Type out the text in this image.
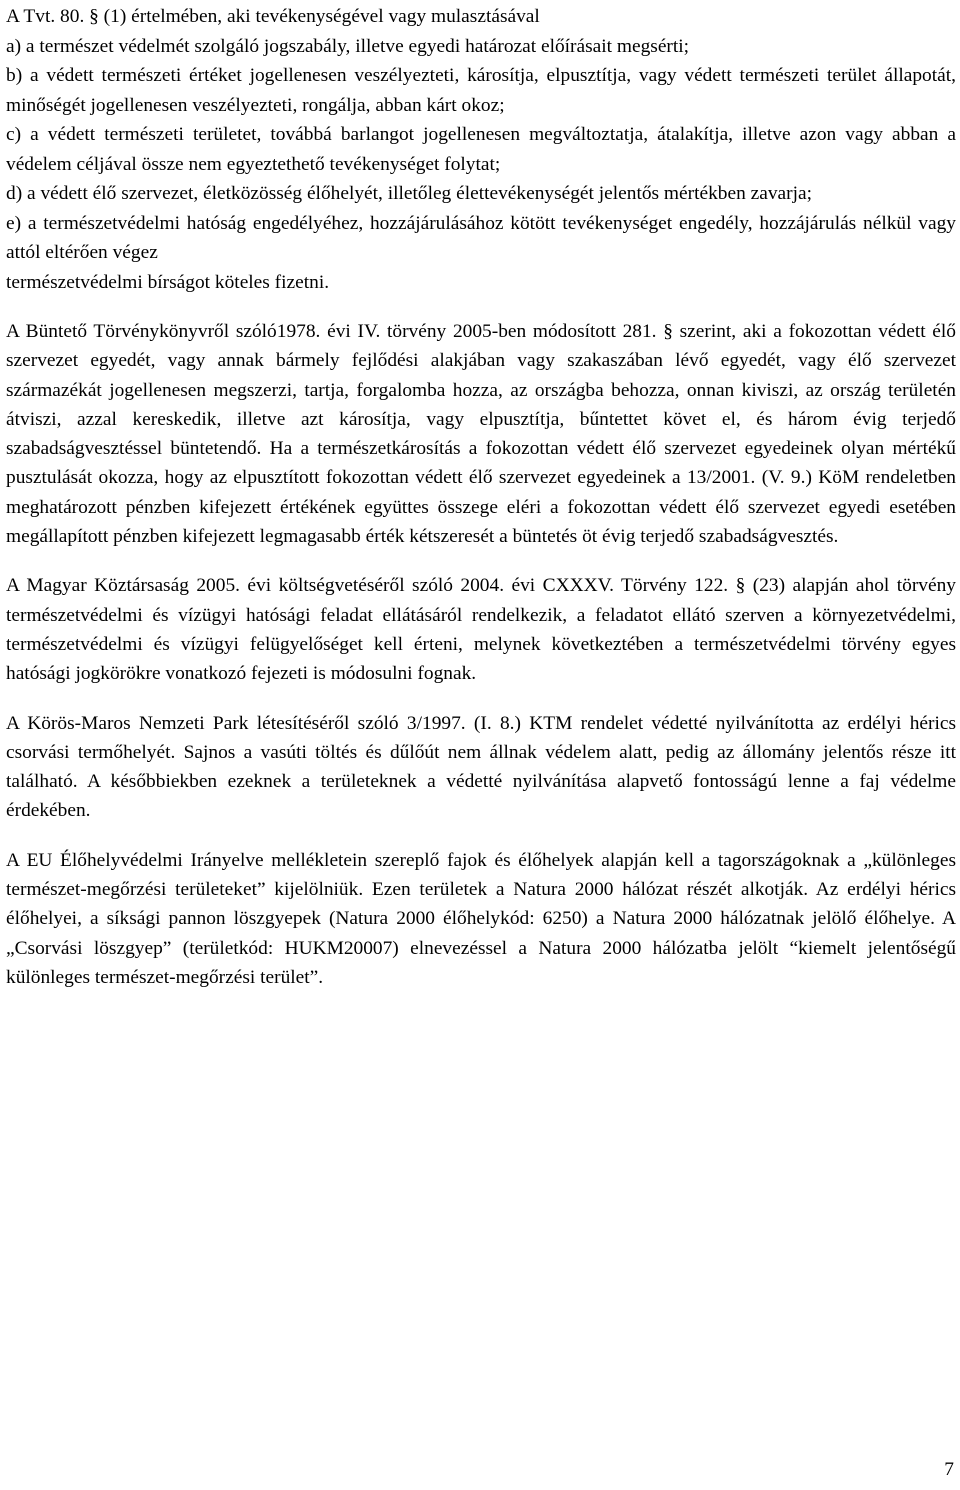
A Tvt. 80. § (1) értelmében, aki tevékenységével vagy mulasztásával

a) a természet védelmét szolgáló jogszabály, illetve egyedi határozat előírásait megsérti;

b) a védett természeti értéket jogellenesen veszélyezteti, károsítja, elpusztítja, vagy védett természeti terület állapotát, minőségét jogellenesen veszélyezteti, rongálja, abban kárt okoz;

c) a védett természeti területet, továbbá barlangot jogellenesen megváltoztatja, átalakítja, illetve azon vagy abban a védelem céljával össze nem egyeztethető tevékenységet folytat;

d) a védett élő szervezet, életközösség élőhelyét, illetőleg élettevékenységét jelentős mértékben zavarja;

e) a természetvédelmi hatóság engedélyéhez, hozzájárulásához kötött tevékenységet engedély, hozzájárulás nélkül vagy attól eltérően végez

természetvédelmi bírságot köteles fizetni.

A Büntető Törvénykönyvről szóló1978. évi IV. törvény 2005-ben módosított 281. § szerint, aki a fokozottan védett élő szervezet egyedét, vagy annak bármely fejlődési alakjában vagy szakaszában lévő egyedét, vagy élő szervezet származékát jogellenesen megszerzi, tartja, forgalomba hozza, az országba behozza, onnan kiviszi, az ország területén átviszi, azzal kereskedik, illetve azt károsítja, vagy elpusztítja, bűntettet követ el, és három évig terjedő szabadságvesztéssel büntetendő. Ha a természetkárosítás a fokozottan védett élő szervezet egyedeinek olyan mértékű pusztulását okozza, hogy az elpusztított fokozottan védett élő szervezet egyedeinek a 13/2001. (V. 9.) KöM rendeletben meghatározott pénzben kifejezett értékének együttes összege eléri a fokozottan védett élő szervezet egyedi esetében megállapított pénzben kifejezett legmagasabb érték kétszeresét a büntetés öt évig terjedő szabadságvesztés.

A Magyar Köztársaság 2005. évi költségvetéséről szóló 2004. évi CXXXV. Törvény 122. § (23) alapján ahol törvény természetvédelmi és vízügyi hatósági feladat ellátásáról rendelkezik, a feladatot ellátó szerven a környezetvédelmi, természetvédelmi és vízügyi felügyelőséget kell érteni, melynek következtében a természetvédelmi törvény egyes hatósági jogkörökre vonatkozó fejezeti is módosulni fognak.

A Körös-Maros Nemzeti Park létesítéséről szóló 3/1997. (I. 8.) KTM rendelet védetté nyilvánította az erdélyi hérics csorvási termőhelyét. Sajnos a vasúti töltés és dűlőút nem állnak védelem alatt, pedig az állomány jelentős része itt található. A későbbiekben ezeknek a területeknek a védetté nyilvánítása alapvető fontosságú lenne a faj védelme érdekében.

A EU Élőhelyvédelmi Irányelve mellékletein szereplő fajok és élőhelyek alapján kell a tagországoknak a „különleges természet-megőrzési területeket” kijelölniük. Ezen területek a Natura 2000 hálózat részét alkotják. Az erdélyi hérics élőhelyei, a síksági pannon löszgyepek (Natura 2000 élőhelykód: 6250) a Natura 2000 hálózatnak jelölő élőhelye. A „Csorvási löszgyep” (területkód: HUKM20007) elnevezéssel a Natura 2000 hálózatba jelölt “kiemelt jelentőségű különleges természet-megőrzési terület”.

7
